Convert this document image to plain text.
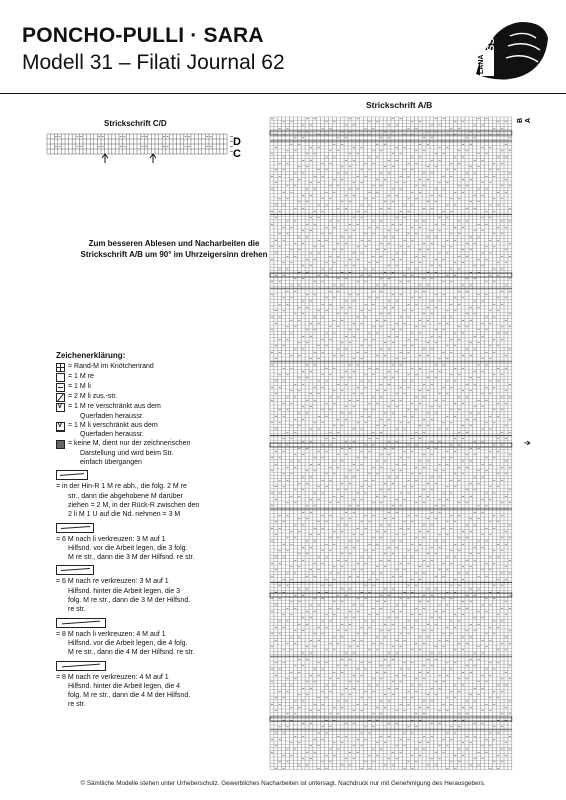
PONCHO-PULLI · SARA
Modell 31 – Filati Journal 62	LANA GROSSA
Strickschrift A/B
Strickschrift C/D
D
C
Zum besseren Ablesen und Nacharbeiten die Strickschrift A/B um 90° im Uhrzeigersinn drehen
B A
Zeichenerklärung:
= Rand-M im Knötchenrand
= 1 M re
= 1 M li
= 2 M li zus.-str.
V
= 1 M re verschränkt aus dem
Querfaden heraussr.
V
= 1 M li verschränkt aus dem
Querfaden heraussr.
= keine M, dient nur der zeichnerischen
Darstellung und wird beim Str.
einfach übergangen
= in der Hin-R 1 M re abh., die folg. 2 M re
str., dann die abgehobene M darüber
ziehen = 2 M, in der Rück-R zwischen den
2 li M 1 U auf die Nd. nehmen = 3 M
= 6 M nach li verkreuzen: 3 M auf 1
Hilfsnd. vor die Arbeit legen, die 3 folg.
M re str., dann die 3 M der Hilfsnd. re str.
= 6 M nach re verkreuzen: 3 M auf 1
Hilfsnd. hinter die Arbeit legen, die 3
folg. M re str., dann die 3 M der Hilfsnd.
re str.
= 8 M nach li verkreuzen: 4 M auf 1
Hilfsnd. vor die Arbeit legen, die 4 folg.
M re str., dann die 4 M der Hilfsnd. re str.
= 8 M nach re verkreuzen: 4 M auf 1
Hilfsnd. hinter die Arbeit legen, die 4
folg. M re str., dann die 4 M der Hilfsnd.
re str.
© Sämtliche Modelle stehen unter Urheberschutz. Gewerbliches Nacharbeiten ist untersagt. Nachdruck nur mit Genehmigung des Herausgebers.
